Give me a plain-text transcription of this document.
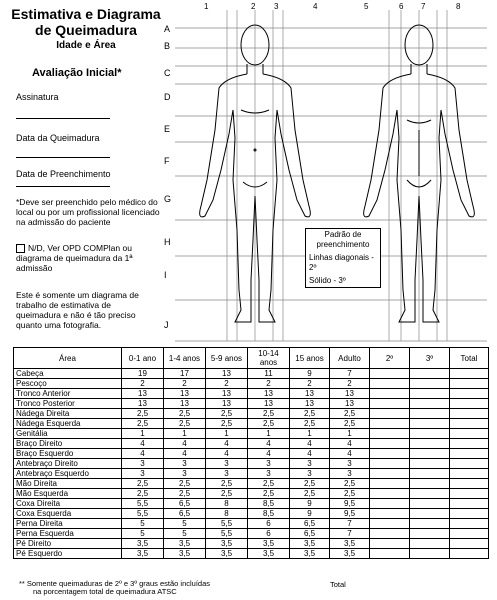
Estimativa e Diagrama
de Queimadura
Idade e Área
Avaliação Inicial*
Assinatura
Data da Queimadura
Data de Preenchimento
*Deve ser preenchido pelo médico do local ou por um profissional licenciado na admissão do paciente
N/D, Ver OPD COMPlan ou diagrama de queimadura da 1ª admissão
Este é somente um diagrama de trabalho de estimativa de queimadura e não é tão preciso quanto uma fotografia.
1	2 3	4	5	6 7	8
A
B
C
D
E
F
G
H
I
J
Padrão de preenchimento
Linhas diagonais - 2º
Sólido - 3º
Área	0-1 ano	1-4 anos	5-9 anos	10-14 anos	15 anos	Adulto	2º	3º	Total
Cabeça	19	17	13	11	9	7			
Pescoço	2	2	2	2	2	2			
Tronco Anterior	13	13	13	13	13	13			
Tronco Posterior	13	13	13	13	13	13			
Nádega Direita	2,5	2,5	2,5	2,5	2,5	2,5			
Nádega Esquerda	2,5	2,5	2,5	2,5	2,5	2,5			
Genitália	1	1	1	1	1	1			
Braço Direito	4	4	4	4	4	4			
Braço Esquerdo	4	4	4	4	4	4			
Antebraço Direito	3	3	3	3	3	3			
Antebraço Esquerdo	3	3	3	3	3	3			
Mão Direita	2,5	2,5	2,5	2,5	2,5	2,5			
Mão Esquerda	2,5	2,5	2,5	2,5	2,5	2,5			
Coxa Direita	5,5	6,5	8	8,5	9	9,5			
Coxa Esquerda	5,5	6,5	8	8,5	9	9,5			
Perna Direita	5	5	5,5	6	6,5	7			
Perna Esquerda	5	5	5,5	6	6,5	7			
Pé Direito	3,5	3,5	3,5	3,5	3,5	3,5			
Pé Esquerdo	3,5	3,5	3,5	3,5	3,5	3,5			
** Somente queimaduras de 2º e 3º graus estão incluídas
na porcentagem total de queimadura ATSC
Total
